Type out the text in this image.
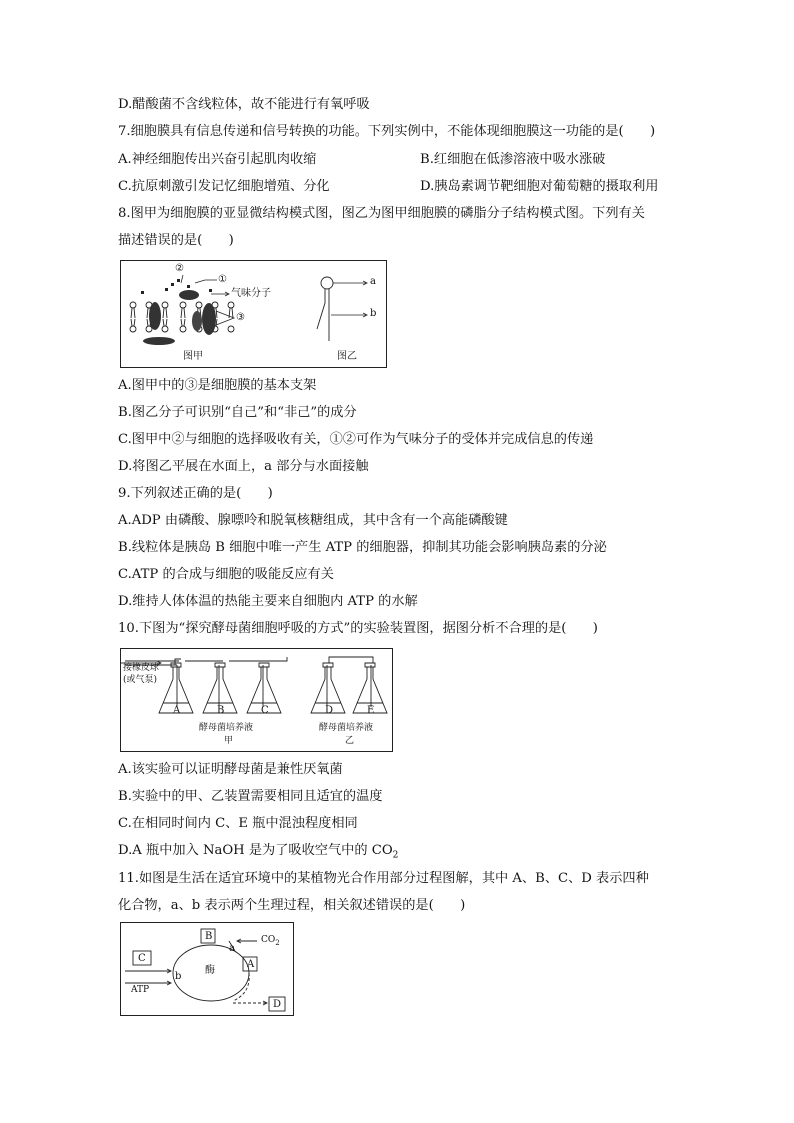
D.醋酸菌不含线粒体，故不能进行有氧呼吸
7.细胞膜具有信息传递和信号转换的功能。下列实例中，不能体现细胞膜这一功能的是(　　)
A.神经细胞传出兴奋引起肌肉收缩	B.红细胞在低渗溶液中吸水涨破
C.抗原刺激引发记忆细胞增殖、分化	D.胰岛素调节靶细胞对葡萄糖的摄取利用
8.图甲为细胞膜的亚显微结构模式图，图乙为图甲细胞膜的磷脂分子结构模式图。下列有关
描述错误的是(　　)
②
①
气味分子
③
图甲	图乙
a
b
A.图甲中的③是细胞膜的基本支架
B.图乙分子可识别“自己”和“非己”的成分
C.图甲中②与细胞的选择吸收有关，①②可作为气味分子的受体并完成信息的传递
D.将图乙平展在水面上，a 部分与水面接触
9.下列叙述正确的是(　　)
A.ADP 由磷酸、腺嘌呤和脱氧核糖组成，其中含有一个高能磷酸键
B.线粒体是胰岛 B 细胞中唯一产生 ATP 的细胞器，抑制其功能会影响胰岛素的分泌
C.ATP 的合成与细胞的吸能反应有关
D.维持人体体温的热能主要来自细胞内 ATP 的水解
10.下图为“探究酵母菌细胞呼吸的方式”的实验装置图，据图分析不合理的是(　　)
接橡皮球
(或气泵)
A	B	C	D	E
酵母菌培养液
甲
酵母菌培养液
乙
A.该实验可以证明酵母菌是兼性厌氧菌
B.实验中的甲、乙装置需要相同且适宜的温度
C.在相同时间内 C、E 瓶中混浊程度相同
D.A 瓶中加入 NaOH 是为了吸收空气中的 $CO_2$
11.如图是生活在适宜环境中的某植物光合作用部分过程图解，其中 A、B、C、D 表示四种
化合物，a、b 表示两个生理过程，相关叙述错误的是(　　)
B
A
C
D
$CO_2$
a
b
酶
ATP
